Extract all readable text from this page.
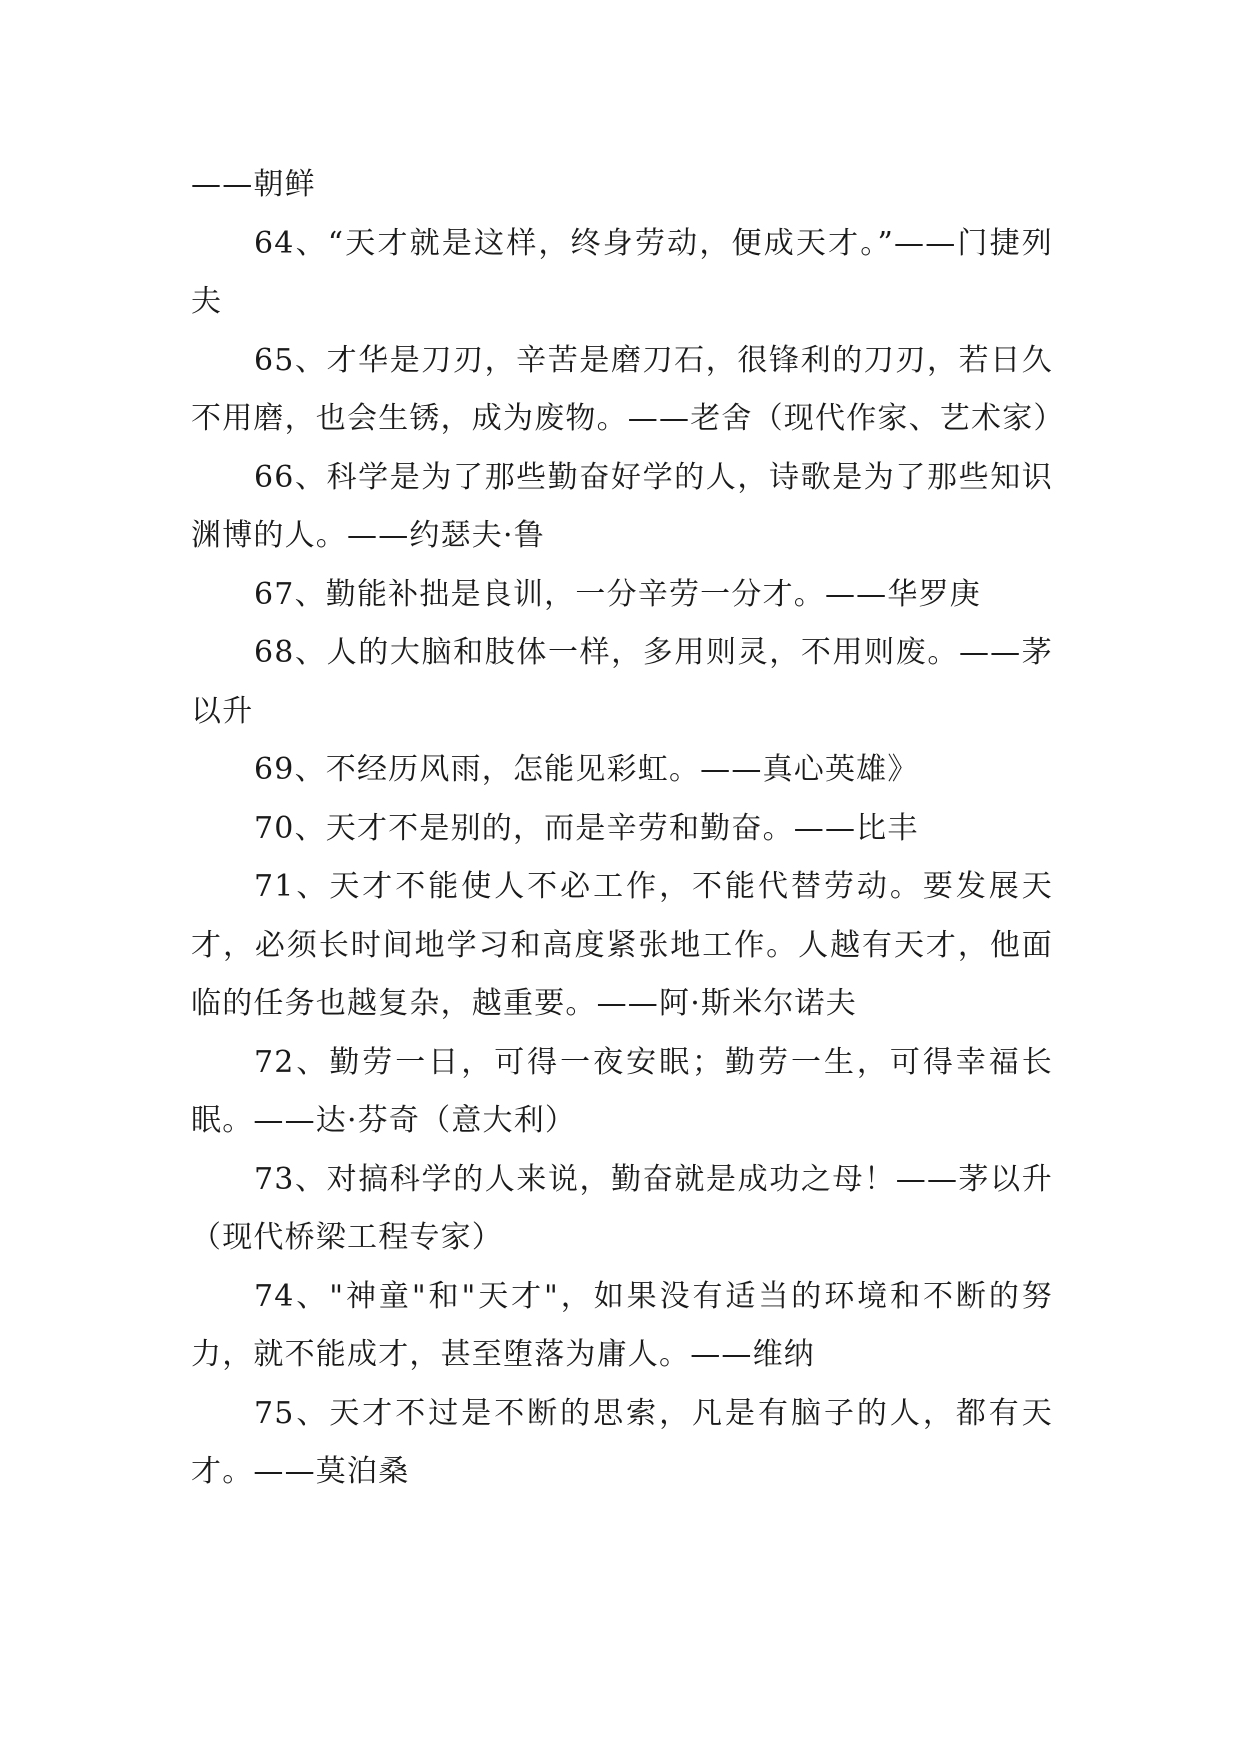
——朝鲜

64、“天才就是这样，终身劳动，便成天才。”——门捷列夫

65、才华是刀刃，辛苦是磨刀石，很锋利的刀刃，若日久不用磨，也会生锈，成为废物。——老舍（现代作家、艺术家）

66、科学是为了那些勤奋好学的人，诗歌是为了那些知识渊博的人。——约瑟夫·鲁

67、勤能补拙是良训，一分辛劳一分才。——华罗庚

68、人的大脑和肢体一样，多用则灵，不用则废。——茅以升

69、不经历风雨，怎能见彩虹。——真心英雄》

70、天才不是别的，而是辛劳和勤奋。——比丰

71、天才不能使人不必工作，不能代替劳动。要发展天才，必须长时间地学习和高度紧张地工作。人越有天才，他面临的任务也越复杂，越重要。——阿·斯米尔诺夫

72、勤劳一日，可得一夜安眠；勤劳一生，可得幸福长眠。——达·芬奇（意大利）

73、对搞科学的人来说，勤奋就是成功之母！——茅以升（现代桥梁工程专家）

74、"神童"和"天才"，如果没有适当的环境和不断的努力，就不能成才，甚至堕落为庸人。——维纳

75、天才不过是不断的思索，凡是有脑子的人，都有天才。——莫泊桑
